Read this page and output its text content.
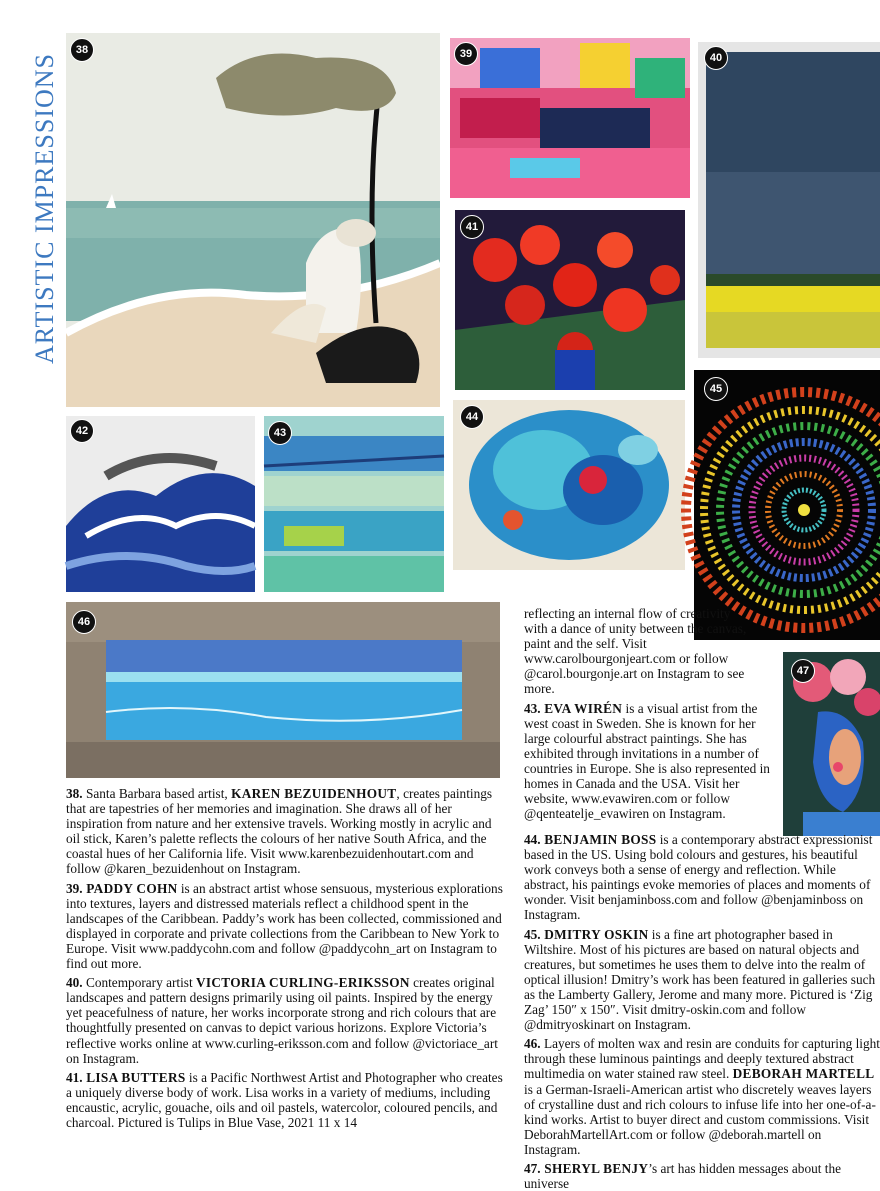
ARTISTIC IMPRESSIONS
38	39	40
41
42	43
44
45
46
47

38. Santa Barbara based artist, KAREN BEZUIDENHOUT, creates paintings that are tapestries of her memories and imagination. She draws all of her inspiration from nature and her extensive travels. Working mostly in acrylic and oil stick, Karen’s palette reflects the colours of her native South Africa, and the coastal hues of her California life. Visit www.karenbezuidenhoutart.com and follow @karen_bezuidenhout on Instagram.

39. PADDY COHN is an abstract artist whose sensuous, mysterious explorations into textures, layers and distressed materials reflect a childhood spent in the landscapes of the Caribbean. Paddy’s work has been collected, commissioned and displayed in corporate and private collections from the Caribbean to New York to Europe. Visit www.paddycohn.com and follow @paddycohn_art on Instagram to find out more.

40. Contemporary artist VICTORIA CURLING-ERIKSSON creates original landscapes and pattern designs primarily using oil paints. Inspired by the energy yet peacefulness of nature, her works incorporate strong and rich colours that are thoughtfully presented on canvas to depict various horizons. Explore Victoria’s reflective works online at www.curling-eriksson.com and follow @victoriace_art on Instagram.

41. LISA BUTTERS is a Pacific Northwest Artist and Photographer who creates a uniquely diverse body of work. Lisa works in a variety of mediums, including encaustic, acrylic, gouache, oils and oil pastels, watercolor, coloured pencils, and charcoal. Pictured is Tulips in Blue Vase, 2021 11 x 14

reflecting an internal flow of creativity with a dance of unity between the canvas, paint and the self. Visit www.carolbourgonjeart.com or follow @carol.bourgonje.art on Instagram to see more.

43. EVA WIRÉN is a visual artist from the west coast in Sweden. She is known for her large colourful abstract paintings. She has exhibited through invitations in a number of countries in Europe. She is also represented in homes in Canada and the USA. Visit her website, www.evawiren.com or follow @qenteatelje_evawiren on Instagram.

44. BENJAMIN BOSS is a contemporary abstract expressionist based in the US. Using bold colours and gestures, his beautiful work conveys both a sense of energy and reflection. While abstract, his paintings evoke memories of places and moments of wonder. Visit benjaminboss.com and follow @benjaminboss on Instagram.

45. DMITRY OSKIN is a fine art photographer based in Wiltshire. Most of his pictures are based on natural objects and creatures, but sometimes he uses them to delve into the realm of optical illusion! Dmitry’s work has been featured in galleries such as the Lamberty Gallery, Jerome and many more. Pictured is ‘Zig Zag’ 150″ x 150″. Visit dmitry-oskin.com and follow @dmitryoskinart on Instagram.

46. Layers of molten wax and resin are conduits for capturing light through these luminous paintings and deeply textured abstract multimedia on water stained raw steel. DEBORAH MARTELL is a German-Israeli-American artist who discretely weaves layers of crystalline dust and rich colours to infuse life into her one-of-a-kind works. Artist to buyer direct and custom commissions. Visit DeborahMartellArt.com or follow @deborah.martell on Instagram.

47. SHERYL BENJY’s art has hidden messages about the universe
